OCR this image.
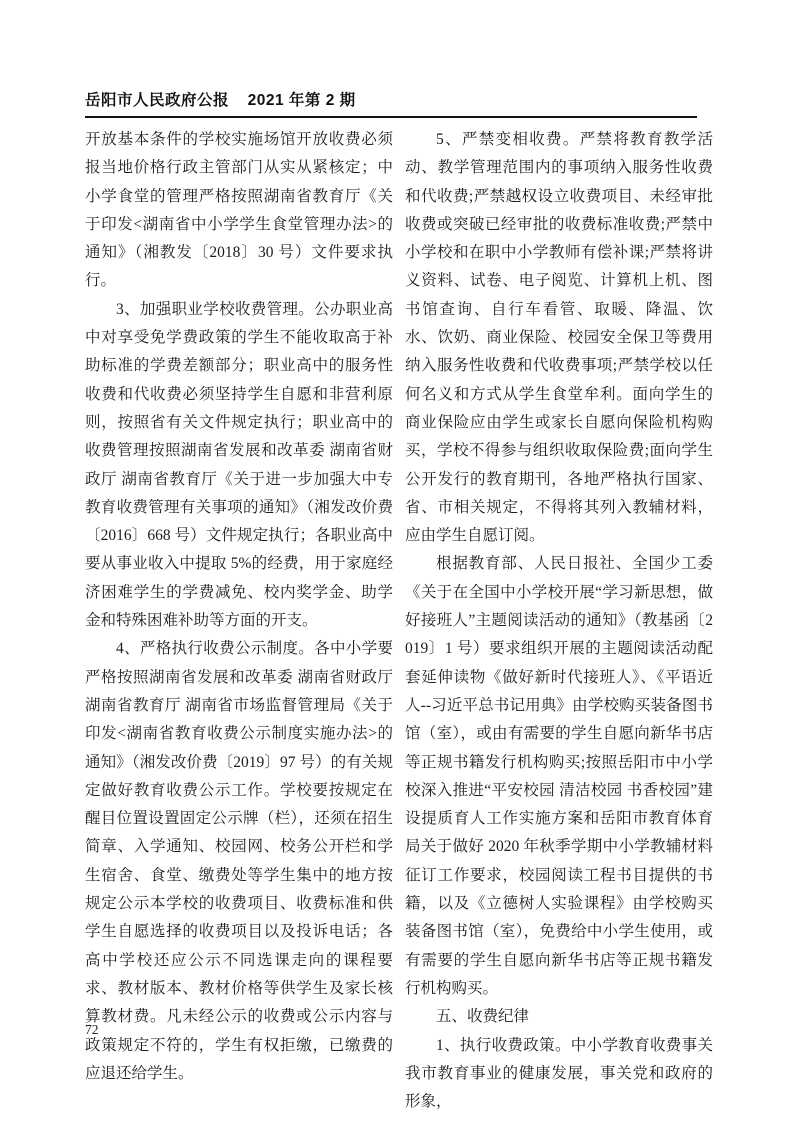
岳阳市人民政府公报 2021 年第 2 期

开放基本条件的学校实施场馆开放收费必须报当地价格行政主管部门从实从紧核定；中小学食堂的管理严格按照湖南省教育厅《关于印发<湖南省中小学学生食堂管理办法>的通知》（湘教发〔2018〕30 号）文件要求执行。

3、加强职业学校收费管理。公办职业高中对享受免学费政策的学生不能收取高于补助标准的学费差额部分；职业高中的服务性收费和代收费必须坚持学生自愿和非营利原则，按照省有关文件规定执行；职业高中的收费管理按照湖南省发展和改革委 湖南省财政厅 湖南省教育厅《关于进一步加强大中专教育收费管理有关事项的通知》（湘发改价费〔2016〕668 号）文件规定执行；各职业高中要从事业收入中提取 5%的经费，用于家庭经济困难学生的学费减免、校内奖学金、助学金和特殊困难补助等方面的开支。

4、严格执行收费公示制度。各中小学要严格按照湖南省发展和改革委 湖南省财政厅 湖南省教育厅 湖南省市场监督管理局《关于印发<湖南省教育收费公示制度实施办法>的通知》（湘发改价费〔2019〕97 号）的有关规定做好教育收费公示工作。学校要按规定在醒目位置设置固定公示牌（栏），还须在招生简章、入学通知、校园网、校务公开栏和学生宿舍、食堂、缴费处等学生集中的地方按规定公示本学校的收费项目、收费标准和供学生自愿选择的收费项目以及投诉电话；各高中学校还应公示不同选课走向的课程要求、教材版本、教材价格等供学生及家长核算教材费。凡未经公示的收费或公示内容与政策规定不符的，学生有权拒缴，已缴费的应退还给学生。

5、严禁变相收费。严禁将教育教学活动、教学管理范围内的事项纳入服务性收费和代收费;严禁越权设立收费项目、未经审批收费或突破已经审批的收费标准收费;严禁中小学校和在职中小学教师有偿补课;严禁将讲义资料、试卷、电子阅览、计算机上机、图书馆查询、自行车看管、取暖、降温、饮水、饮奶、商业保险、校园安全保卫等费用纳入服务性收费和代收费事项;严禁学校以任何名义和方式从学生食堂牟利。面向学生的商业保险应由学生或家长自愿向保险机构购买，学校不得参与组织收取保险费;面向学生公开发行的教育期刊，各地严格执行国家、省、市相关规定，不得将其列入教辅材料，应由学生自愿订阅。

根据教育部、人民日报社、全国少工委《关于在全国中小学校开展“学习新思想，做好接班人”主题阅读活动的通知》（教基函〔2019〕1 号）要求组织开展的主题阅读活动配套延伸读物《做好新时代接班人》、《平语近人--习近平总书记用典》由学校购买装备图书馆（室），或由有需要的学生自愿向新华书店等正规书籍发行机构购买;按照岳阳市中小学校深入推进“平安校园 清洁校园 书香校园”建设提质育人工作实施方案和岳阳市教育体育局关于做好 2020 年秋季学期中小学教辅材料征订工作要求，校园阅读工程书目提供的书籍，以及《立德树人实验课程》由学校购买装备图书馆（室），免费给中小学生使用，或有需要的学生自愿向新华书店等正规书籍发行机构购买。

五、收费纪律

1、执行收费政策。中小学教育收费事关我市教育事业的健康发展，事关党和政府的形象，

72
